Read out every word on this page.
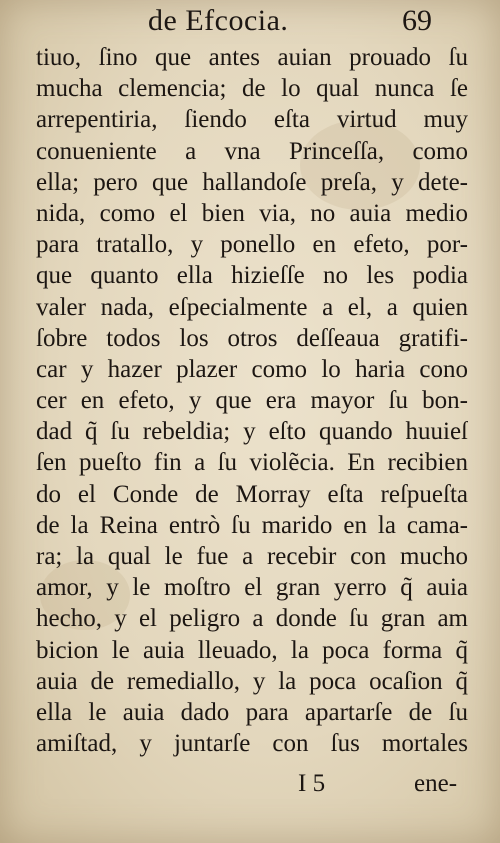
de Efcocia.	69
tiuo, ſino que antes auian prouado ſu
mucha clemencia; de lo qual nunca ſe
arrepentiria, ſiendo eſta virtud muy
conueniente a vna Princeſſa, como
ella; pero que hallandoſe preſa, y dete-
nida, como el bien via, no auia medio
para tratallo, y ponello en efeto, por-
que quanto ella hizieſſe no les podia
valer nada, eſpecialmente a el, a quien
ſobre todos los otros deſſeaua gratifi-
car y hazer plazer como lo haria cono
cer en efeto, y que era mayor ſu bon-
dad q̃ ſu rebeldia; y eſto quando huuieſ
ſen pueſto fin a ſu violẽcia. En recibien
do el Conde de Morray eſta reſpueſta
de la Reina entrò ſu marido en la cama-
ra; la qual le fue a recebir con mucho
amor, y le moſtro el gran yerro q̃ auia
hecho, y el peligro a donde ſu gran am
bicion le auia lleuado, la poca forma q̃
auia de remediallo, y la poca ocaſion q̃
ella le auia dado para apartarſe de ſu
amiſtad, y juntarſe con ſus mortales
I 5	ene-
